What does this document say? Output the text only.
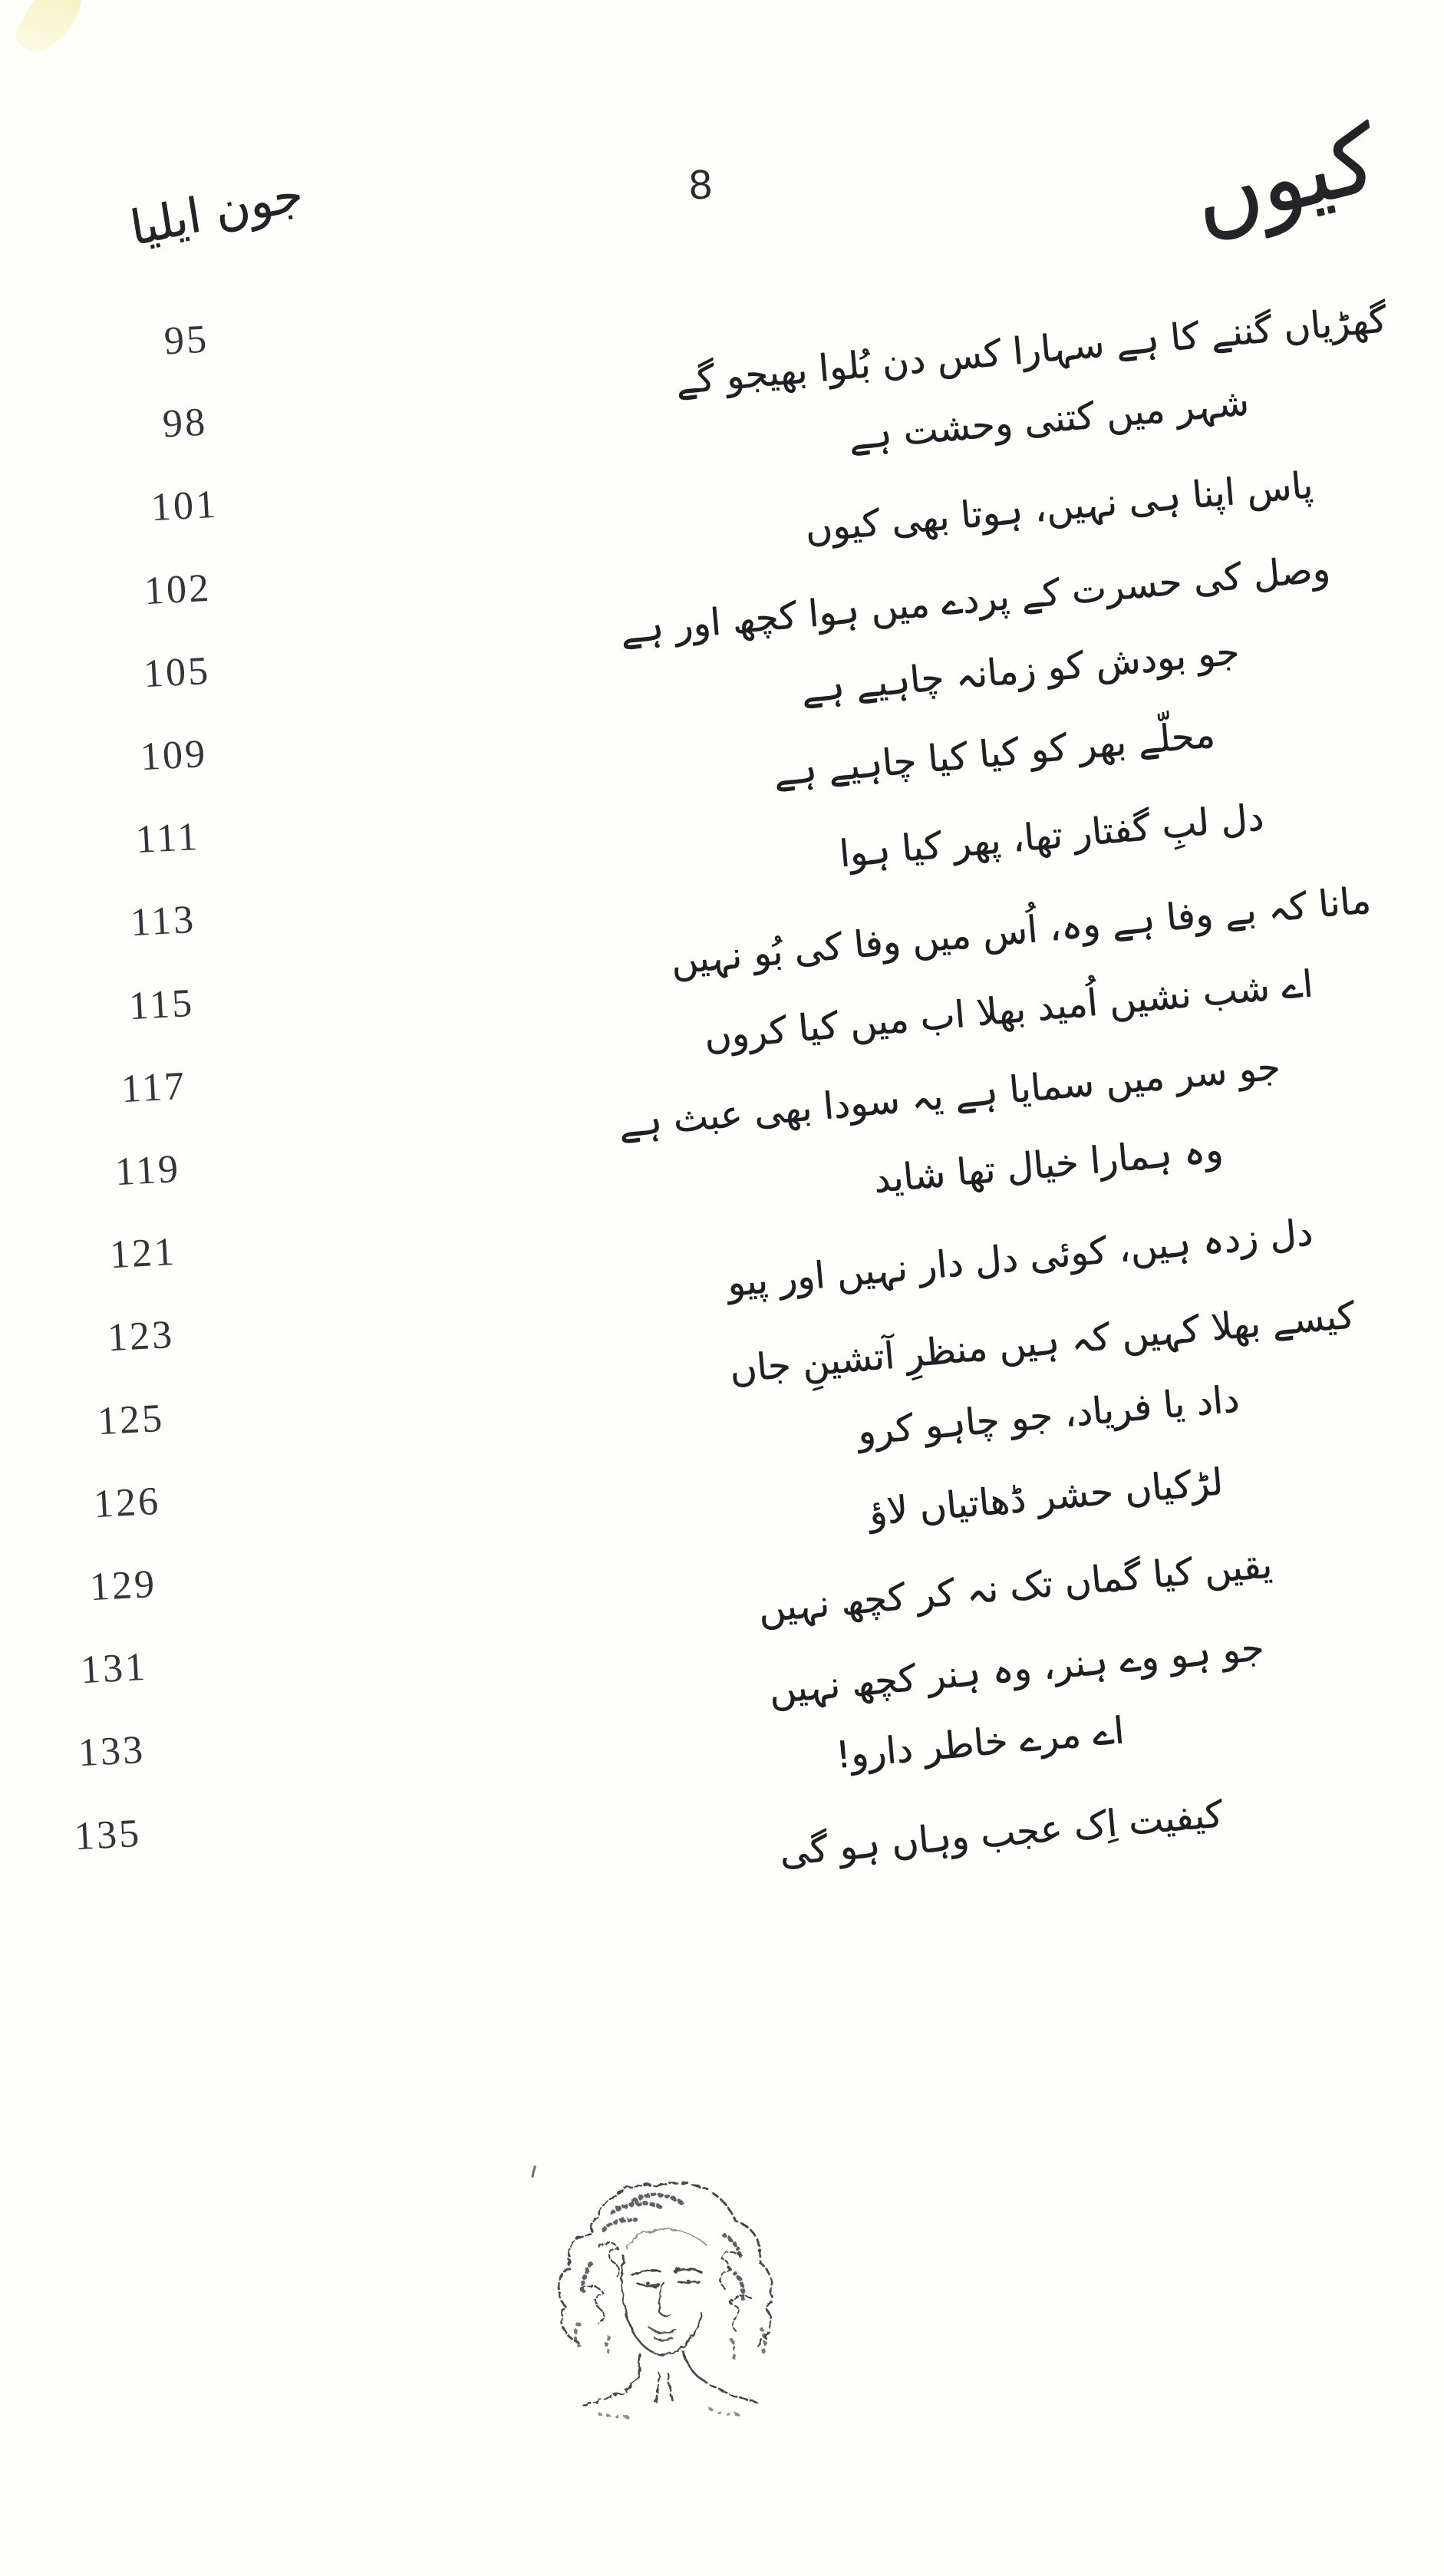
8	کیوں
جون ایلیا
95	گھڑیاں گننے کا ہے سہارا کس دن بُلوا بھیجو گے
98	شہر میں کتنی وحشت ہے
101	پاس اپنا ہی نہیں، ہوتا بھی کیوں
102	وصل کی حسرت کے پردے میں ہوا کچھ اور ہے
105	جو بودش کو زمانہ چاہیے ہے
109	محلّے بھر کو کیا کیا چاہیے ہے
111	دل لبِ گفتار تھا، پھر کیا ہوا
113	مانا کہ بے وفا ہے وہ، اُس میں وفا کی بُو نہیں
115	اے شب نشیں اُمید بھلا اب میں کیا کروں
117	جو سر میں سمایا ہے یہ سودا بھی عبث ہے
119	وہ ہمارا خیال تھا شاید
121	دل زدہ ہیں، کوئی دل دار نہیں اور پیو
123	کیسے بھلا کہیں کہ ہیں منظرِ آتشینِ جاں
125	داد یا فریاد، جو چاہو کرو
126	لڑکیاں حشر ڈھاتیاں لاؤ
129	یقیں کیا گماں تک نہ کر کچھ نہیں
131	جو ہو وے ہنر، وہ ہنر کچھ نہیں
133	اے مرے خاطر دارو!
135	کیفیت اِک عجب وہاں ہو گی
